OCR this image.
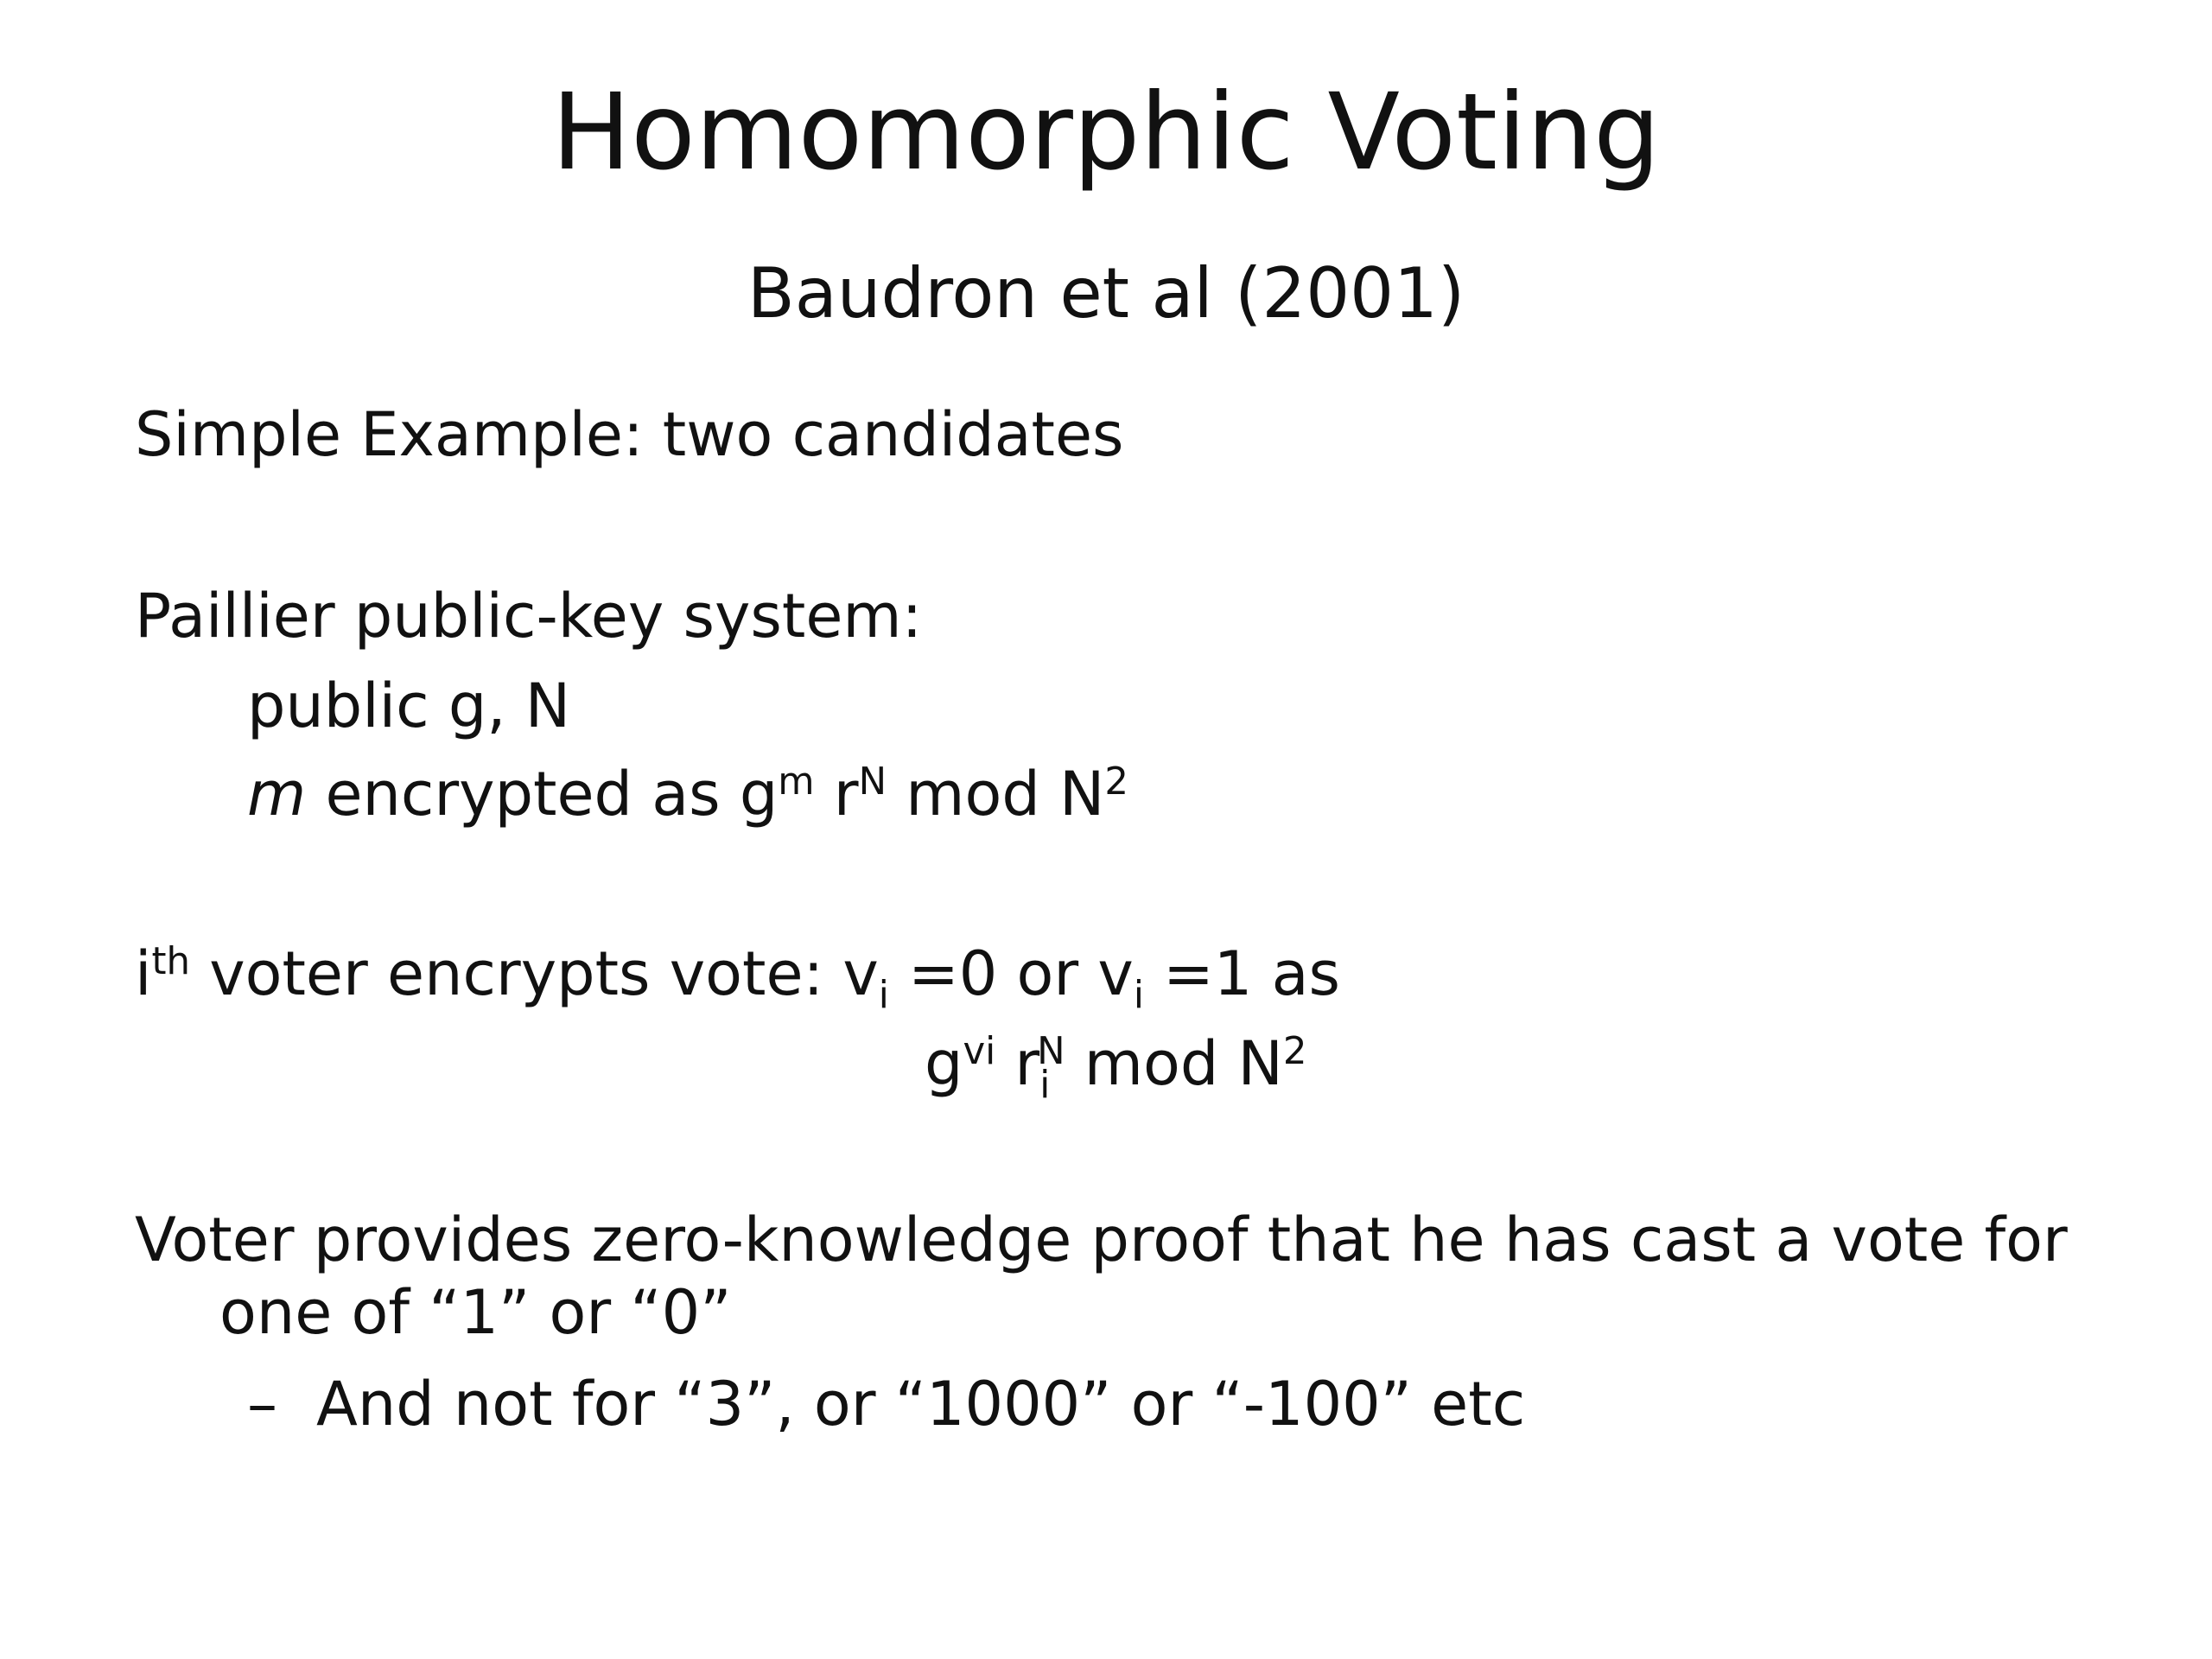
Homomorphic Voting
Baudron et al (2001)
Simple Example: two candidates
Paillier public-key system:
public g, N
m encrypted as $g^m$ $r^N$ mod $N^2$
$i^{th}$ voter encrypts vote: $v_i =0$ or $v_i =1$ as
$g^{vi}$ $r_i^N$ mod $N^2$
Voter provides zero-knowledge proof that he has cast a vote for
one of “1” or “0”
– And not for “3”, or “1000” or “-100” etc
